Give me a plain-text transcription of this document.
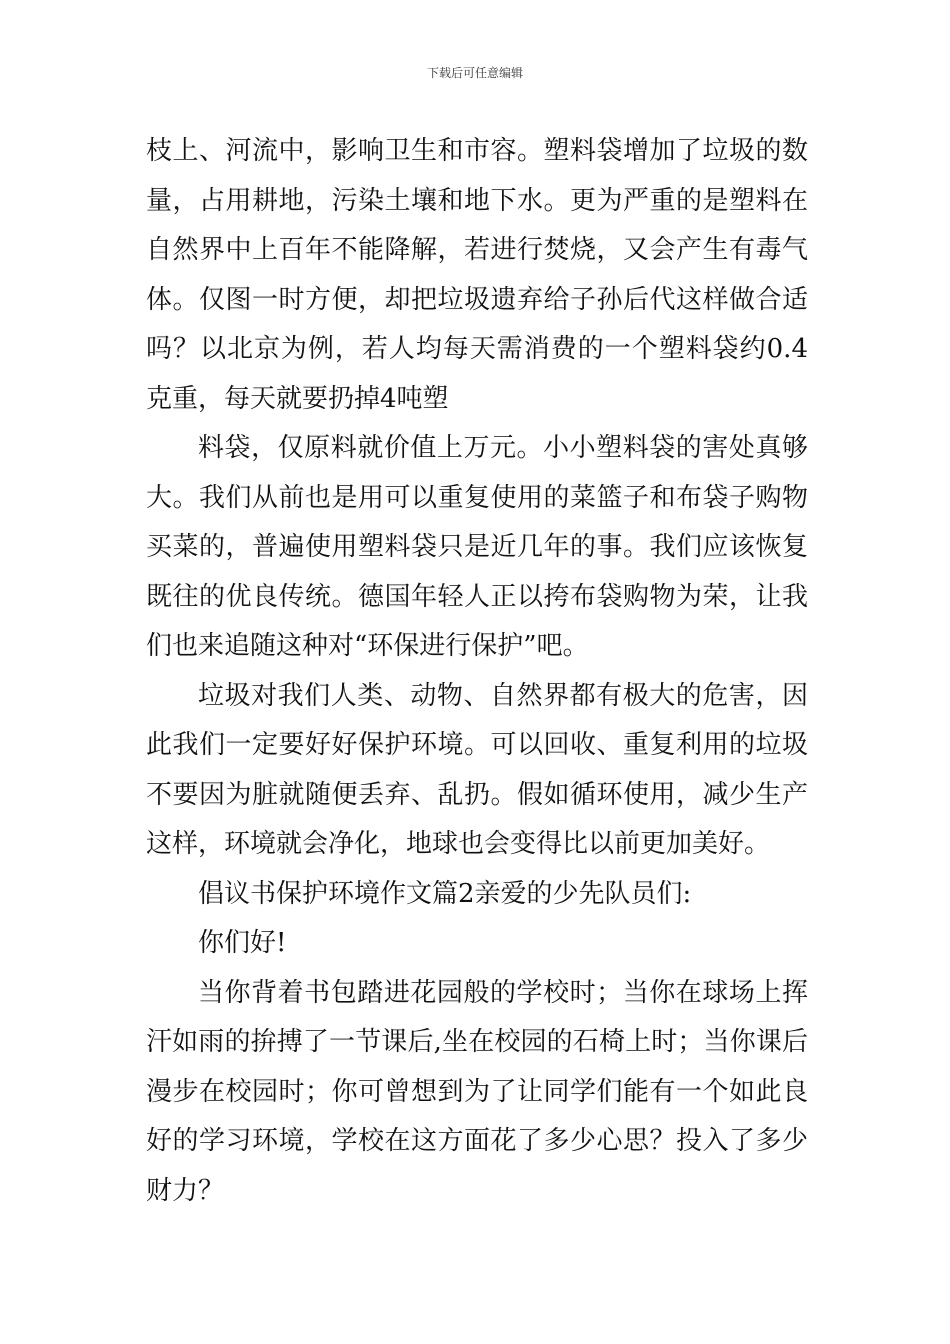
下载后可任意编辑

枝上、河流中，影响卫生和市容。塑料袋增加了垃圾的数量，占用耕地，污染土壤和地下水。更为严重的是塑料在自然界中上百年不能降解，若进行焚烧，又会产生有毒气体。仅图一时方便，却把垃圾遗弃给子孙后代这样做合适吗？以北京为例，若人均每天需消费的一个塑料袋约0.4克重，每天就要扔掉4吨塑

料袋，仅原料就价值上万元。小小塑料袋的害处真够大。我们从前也是用可以重复使用的菜篮子和布袋子购物买菜的，普遍使用塑料袋只是近几年的事。我们应该恢复既往的优良传统。德国年轻人正以挎布袋购物为荣，让我们也来追随这种对“环保进行保护”吧。

垃圾对我们人类、动物、自然界都有极大的危害，因此我们一定要好好保护环境。可以回收、重复利用的垃圾不要因为脏就随便丢弃、乱扔。假如循环使用，减少生产这样，环境就会净化，地球也会变得比以前更加美好。

倡议书保护环境作文篇2亲爱的少先队员们:

你们好!

当你背着书包踏进花园般的学校时；当你在球场上挥汗如雨的拚搏了一节课后,坐在校园的石椅上时；当你课后漫步在校园时；你可曾想到为了让同学们能有一个如此良好的学习环境，学校在这方面花了多少心思？投入了多少财力？
